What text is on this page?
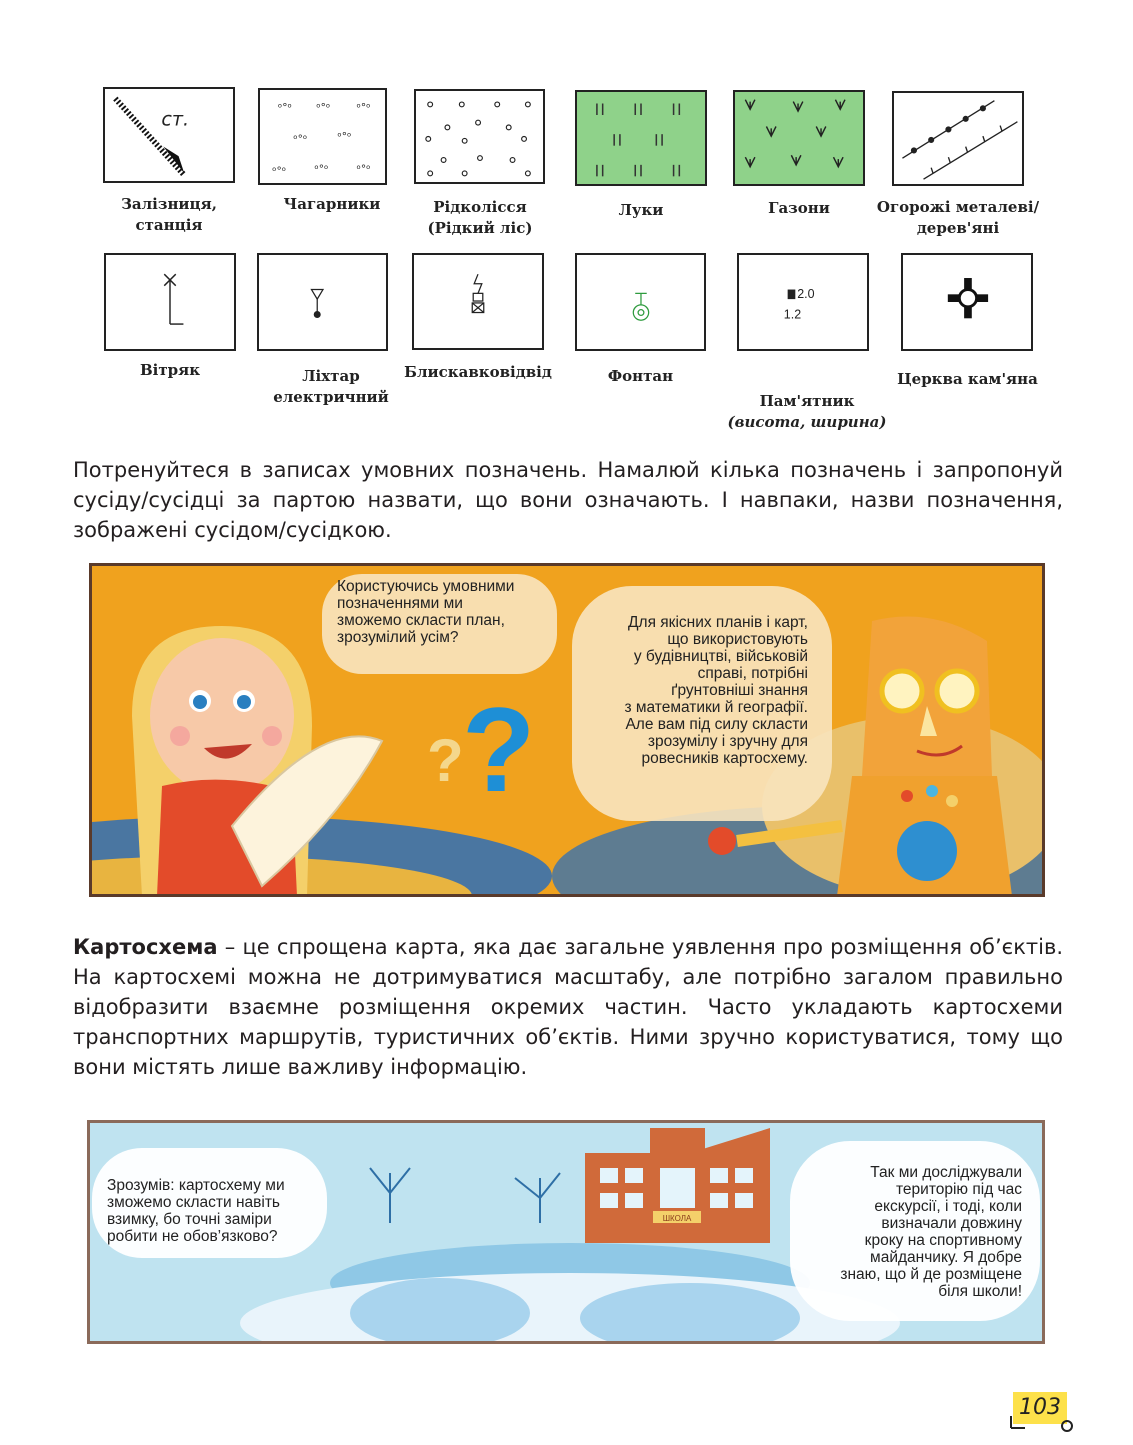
ст.	ᵒ°ᵒ ᵒ°ᵒ ᵒ°ᵒ
ᵒ°ᵒ	ᵒ°ᵒ
ᵒ°ᵒ	ᵒ°ᵒ	ᵒ°ᵒ
Залізниця,
станція
Чагарники	Рідколісся
(Рідкий ліс)
Луки	Газони	Огорожі металеві/
дерев'яні
2.0
1.2
Вітряк	Ліхтар
електричний
Блискавковідвід	Фонтан

Пам'ятник

(висота, ширина)

Церква кам'яна
Потренуйтеся в записах умовних позначень. Намалюй кілька позначень і запропонуй сусіду/сусідці за партою назвати, що вони означають. І навпаки, назви позначення, зображені сусідом/сусідкою.
?
?
Користуючись умовними
позначеннями ми
зможемо скласти план,
зрозумілий усім?
Для якісних планів і карт,
що використовують
у будівництві, військовій
справі, потрібні
ґрунтовніші знання
з математики й географії.
Але вам під силу скласти
зрозумілу і зручну для
ровесників картосхему.
Картосхема – це спрощена карта, яка дає загальне уявлення про розміщення об’єктів. На картосхемі можна не дотримуватися масштабу, але потрібно загалом правильно відобразити взаємне розміщення окремих частин. Часто укладають картосхеми транспортних маршрутів, туристичних об’єктів. Ними зручно користуватися, тому що вони містять лише важливу інформацію.
ШКОЛА
Зрозумів: картосхему ми
зможемо скласти навіть
взимку, бо точні заміри
робити не обов’язково?
Так ми досліджували
територію під час
екскурсії, і тоді, коли
визначали довжину
кроку на спортивному
майданчику. Я добре
знаю, що й де розміщене
біля школи!
103
